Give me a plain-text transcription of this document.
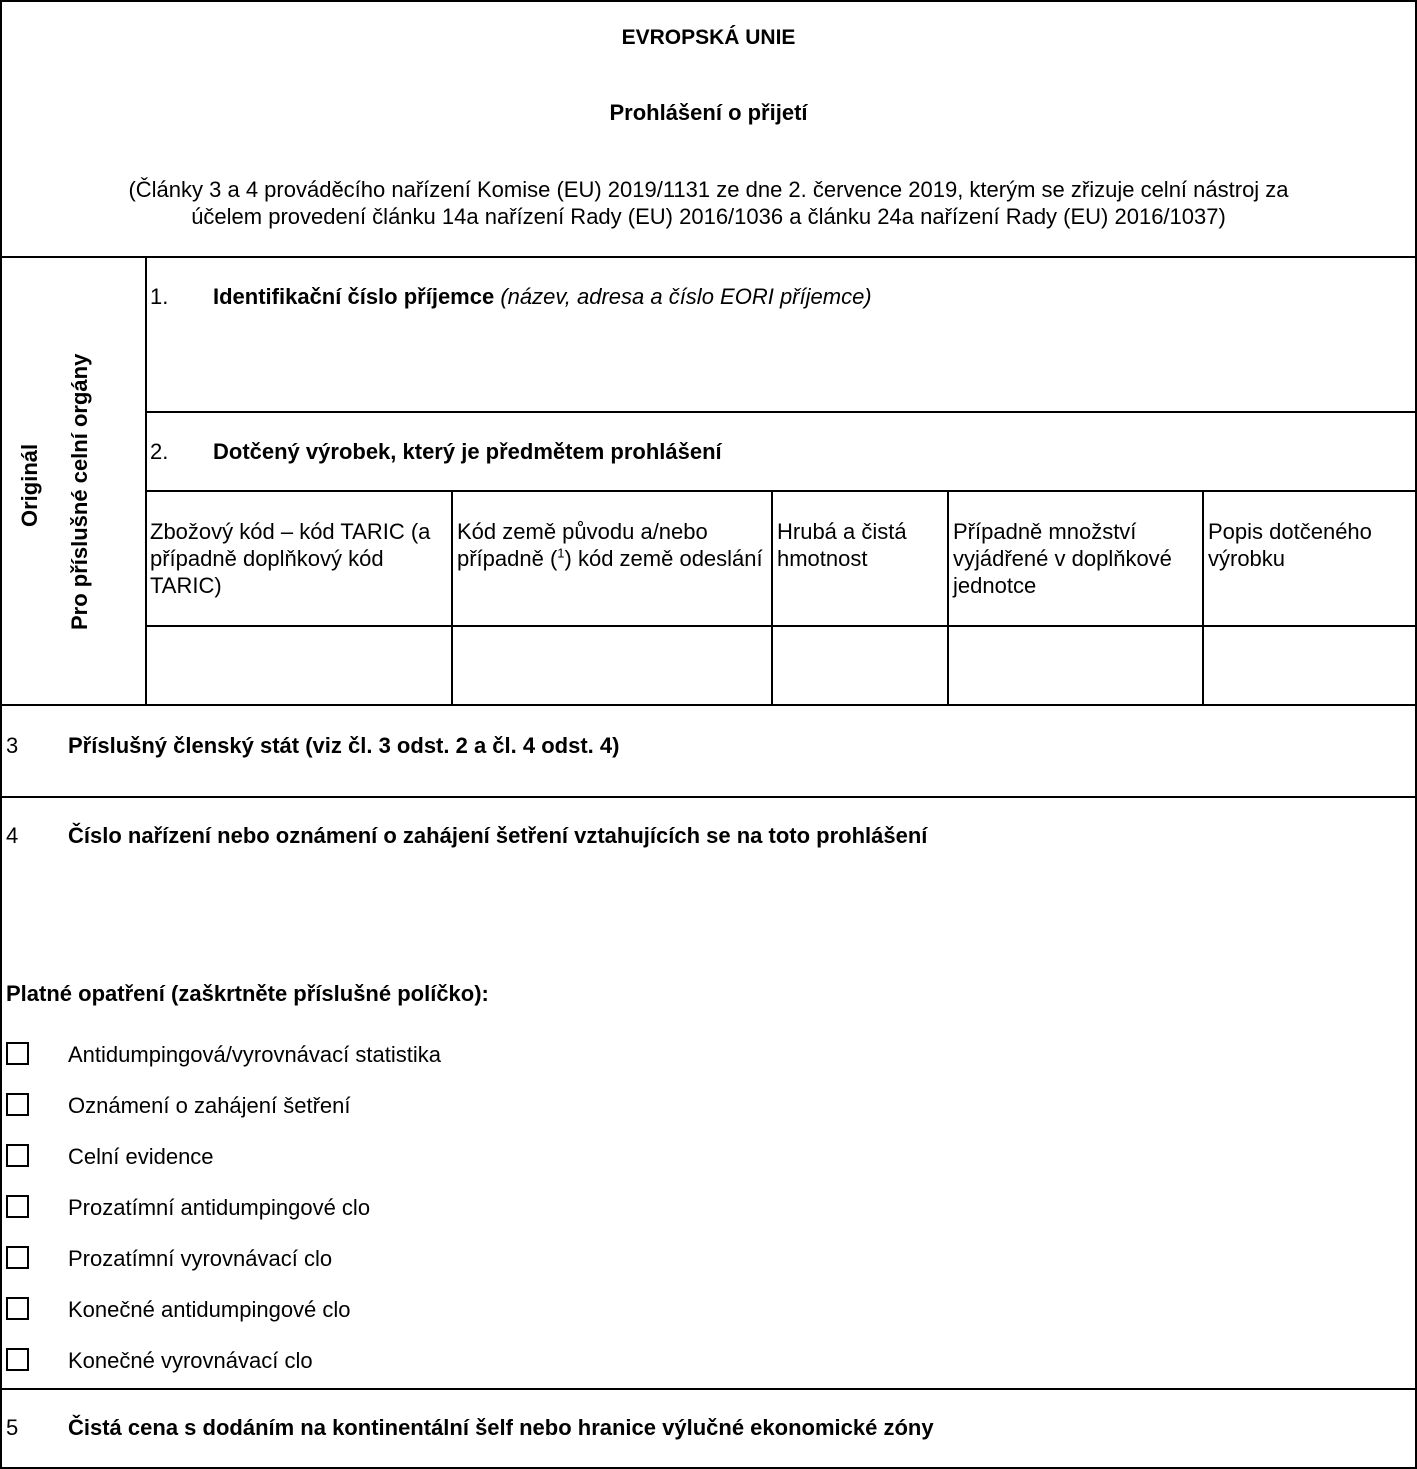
EVROPSKÁ UNIE
Prohlášení o přijetí
(Články 3 a 4 prováděcího nařízení Komise (EU) 2019/1131 ze dne 2. července 2019, kterým se zřizuje celní nástroj za
účelem provedení článku 14a nařízení Rady (EU) 2016/1036 a článku 24a nařízení Rady (EU) 2016/1037)
Originál Pro příslušné celní orgány
1. Identifikační číslo příjemce (název, adresa a číslo EORI příjemce)
2. Dotčený výrobek, který je předmětem prohlášení
Zbožový kód – kód TARIC (a případně doplňkový kód TARIC)
Kód země původu a/nebo případně ($^1$) kód země odeslání
Hrubá a čistá hmotnost
Případně množství vyjádřené v doplňkové jednotce
Popis dotčeného výrobku
3 Příslušný členský stát (viz čl. 3 odst. 2 a čl. 4 odst. 4)
4 Číslo nařízení nebo oznámení o zahájení šetření vztahujících se na toto prohlášení
Platné opatření (zaškrtněte příslušné políčko):
Antidumpingová/vyrovnávací statistika
Oznámení o zahájení šetření
Celní evidence
Prozatímní antidumpingové clo
Prozatímní vyrovnávací clo
Konečné antidumpingové clo
Konečné vyrovnávací clo
5 Čistá cena s dodáním na kontinentální šelf nebo hranice výlučné ekonomické zóny
